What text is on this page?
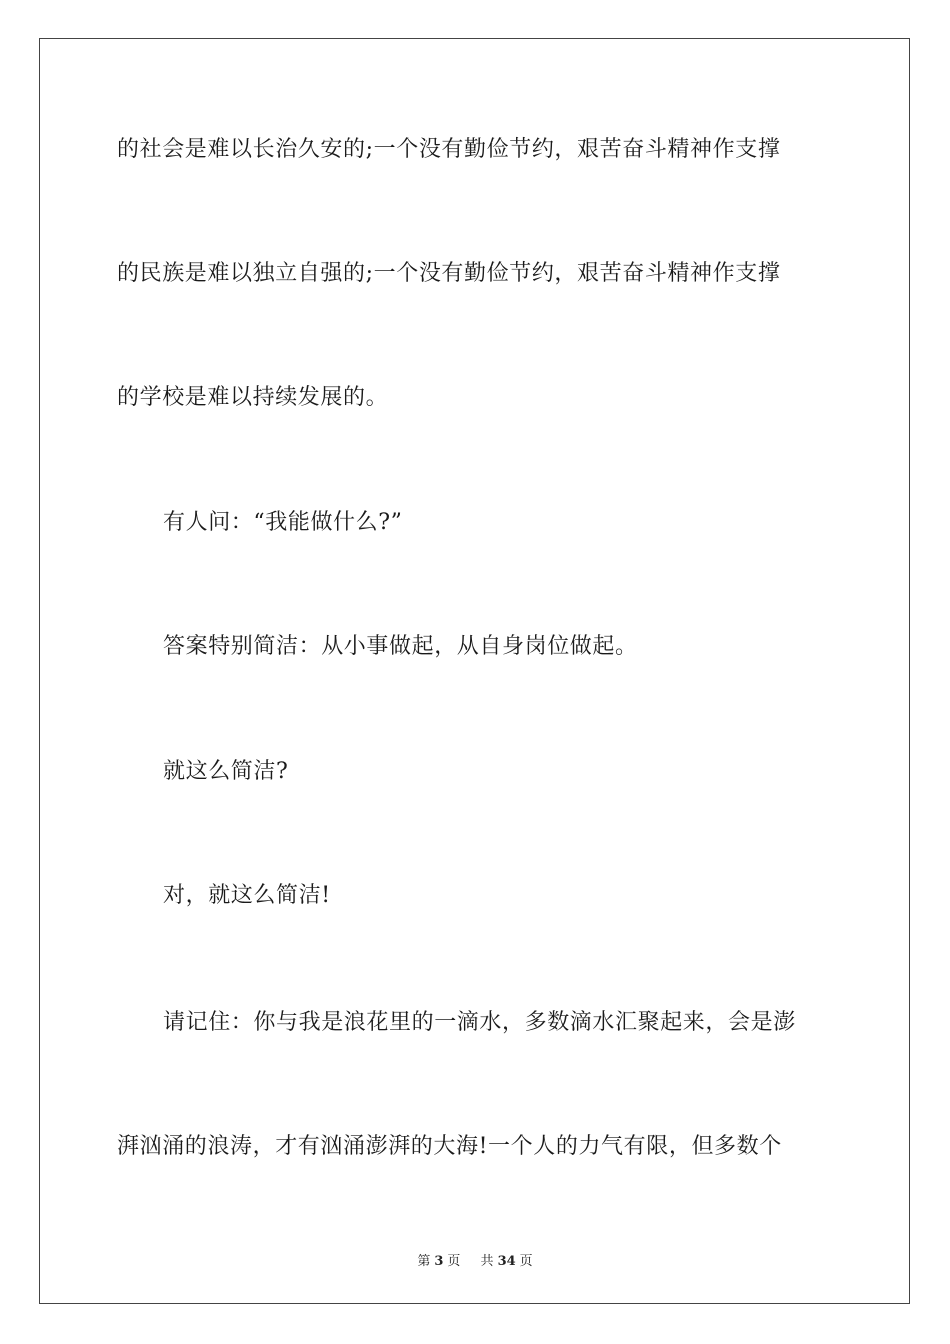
的社会是难以长治久安的;一个没有勤俭节约，艰苦奋斗精神作支撑
的民族是难以独立自强的;一个没有勤俭节约，艰苦奋斗精神作支撑
的学校是难以持续发展的。
有人问：“我能做什么?”
答案特别简洁：从小事做起，从自身岗位做起。
就这么简洁?
对，就这么简洁!
请记住：你与我是浪花里的一滴水，多数滴水汇聚起来，会是澎
湃汹涌的浪涛，才有汹涌澎湃的大海!一个人的力气有限，但多数个
第 3 页 共 34 页
